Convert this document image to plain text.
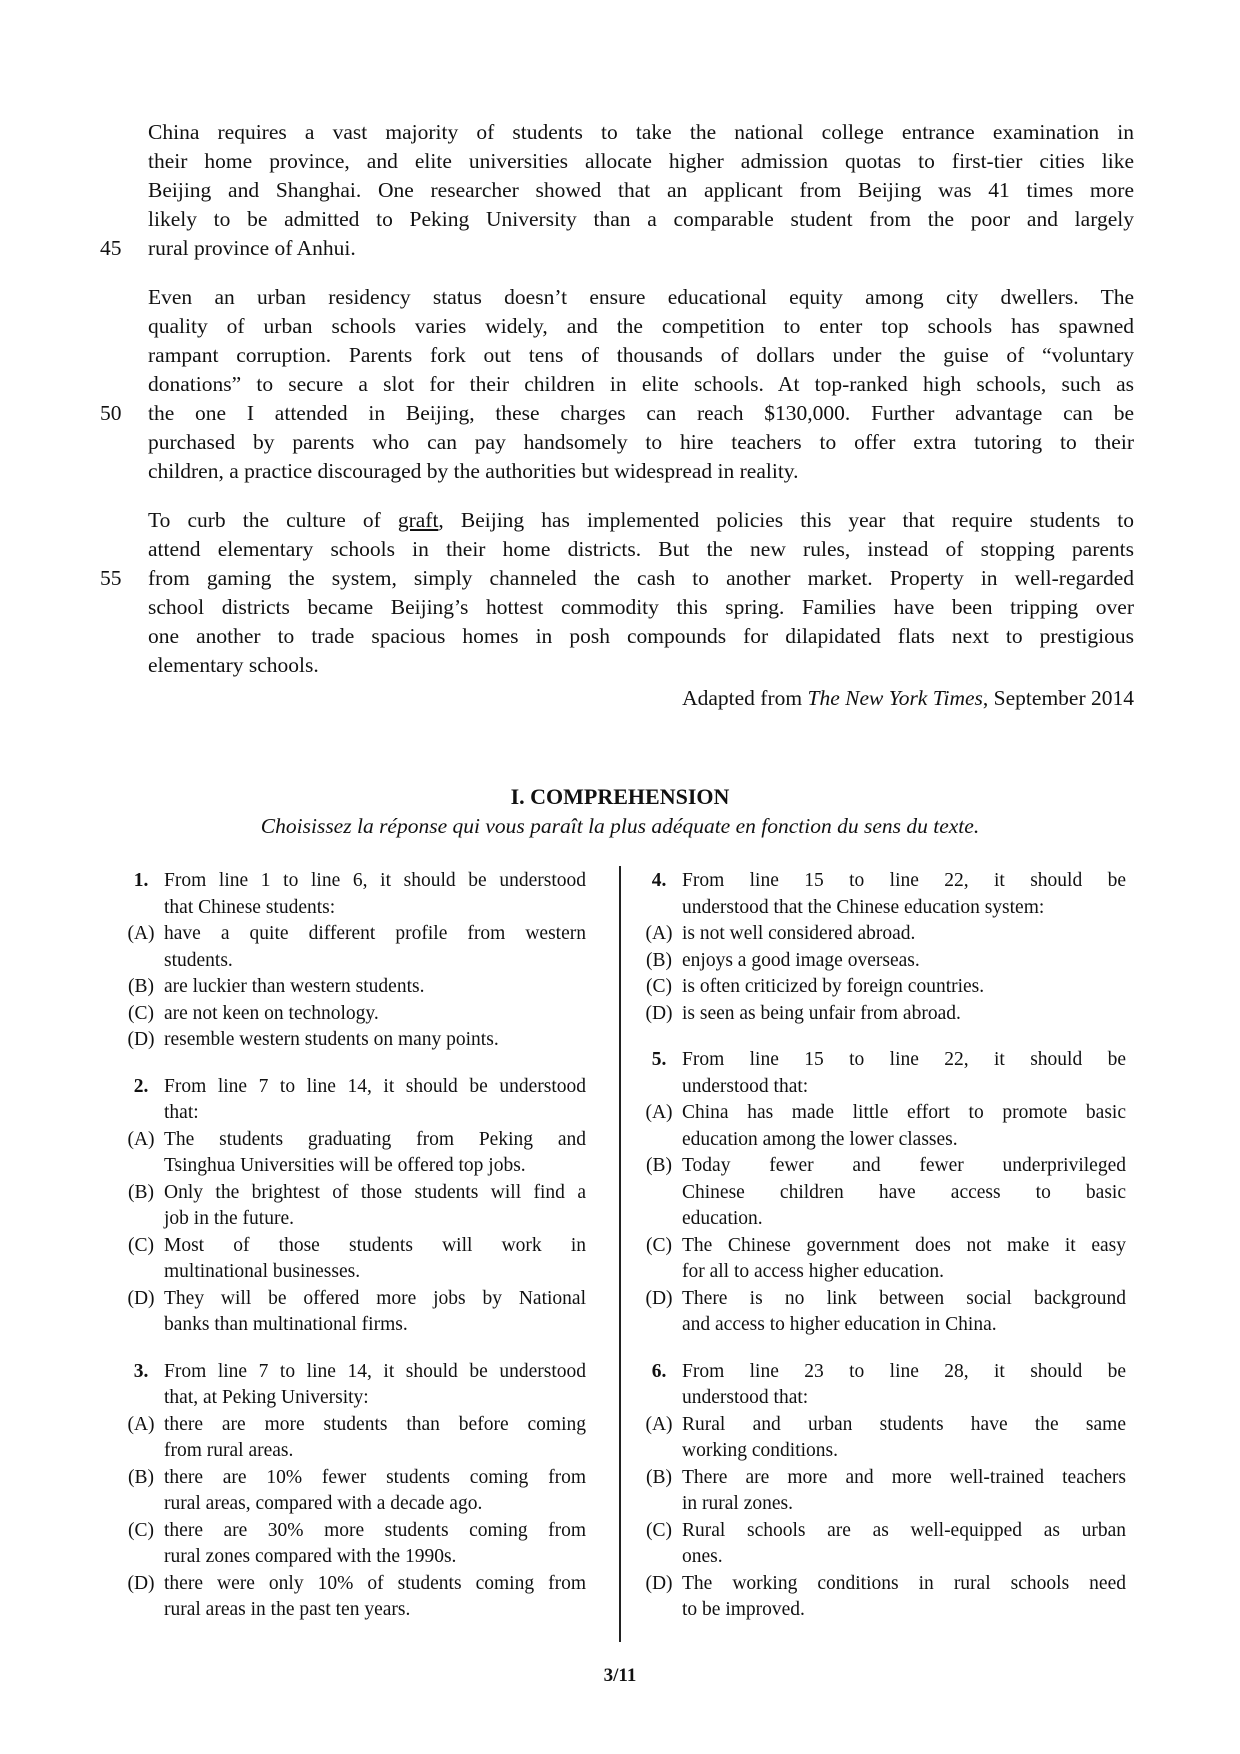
China requires a vast majority of students to take the national college entrance examination in
their home province, and elite universities allocate higher admission quotas to first-tier cities like
Beijing and Shanghai. One researcher showed that an applicant from Beijing was 41 times more
likely to be admitted to Peking University than a comparable student from the poor and largely
45	rural province of Anhui.
Even an urban residency status doesn’t ensure educational equity among city dwellers. The
quality of urban schools varies widely, and the competition to enter top schools has spawned
rampant corruption. Parents fork out tens of thousands of dollars under the guise of “voluntary
donations” to secure a slot for their children in elite schools. At top-ranked high schools, such as
50	the one I attended in Beijing, these charges can reach $130,000. Further advantage can be
purchased by parents who can pay handsomely to hire teachers to offer extra tutoring to their
children, a practice discouraged by the authorities but widespread in reality.
To curb the culture of graft, Beijing has implemented policies this year that require students to
attend elementary schools in their home districts. But the new rules, instead of stopping parents
55	from gaming the system, simply channeled the cash to another market. Property in well-regarded
school districts became Beijing’s hottest commodity this spring. Families have been tripping over
one another to trade spacious homes in posh compounds for dilapidated flats next to prestigious
elementary schools.
Adapted from The New York Times, September 2014
I. COMPREHENSION
Choisissez la réponse qui vous paraît la plus adéquate en fonction du sens du texte.
1. From line 1 to line 6, it should be understood
that Chinese students:
(A) have a quite different profile from western
students.
(B) are luckier than western students.
(C) are not keen on technology.
(D) resemble western students on many points.
2. From line 7 to line 14, it should be understood
that:
(A) The students graduating from Peking and
Tsinghua Universities will be offered top jobs.
(B) Only the brightest of those students will find a
job in the future.
(C) Most of those students will work in
multinational businesses.
(D) They will be offered more jobs by National
banks than multinational firms.
3. From line 7 to line 14, it should be understood
that, at Peking University:
(A) there are more students than before coming
from rural areas.
(B) there are 10% fewer students coming from
rural areas, compared with a decade ago.
(C) there are 30% more students coming from
rural zones compared with the 1990s.
(D) there were only 10% of students coming from
rural areas in the past ten years.
4. From line 15 to line 22, it should be
understood that the Chinese education system:
(A) is not well considered abroad.
(B) enjoys a good image overseas.
(C) is often criticized by foreign countries.
(D) is seen as being unfair from abroad.
5. From line 15 to line 22, it should be
understood that:
(A) China has made little effort to promote basic
education among the lower classes.
(B) Today fewer and fewer underprivileged
Chinese children have access to basic
education.
(C) The Chinese government does not make it easy
for all to access higher education.
(D) There is no link between social background
and access to higher education in China.
6. From line 23 to line 28, it should be
understood that:
(A) Rural and urban students have the same
working conditions.
(B) There are more and more well-trained teachers
in rural zones.
(C) Rural schools are as well-equipped as urban
ones.
(D) The working conditions in rural schools need
to be improved.
3/11
